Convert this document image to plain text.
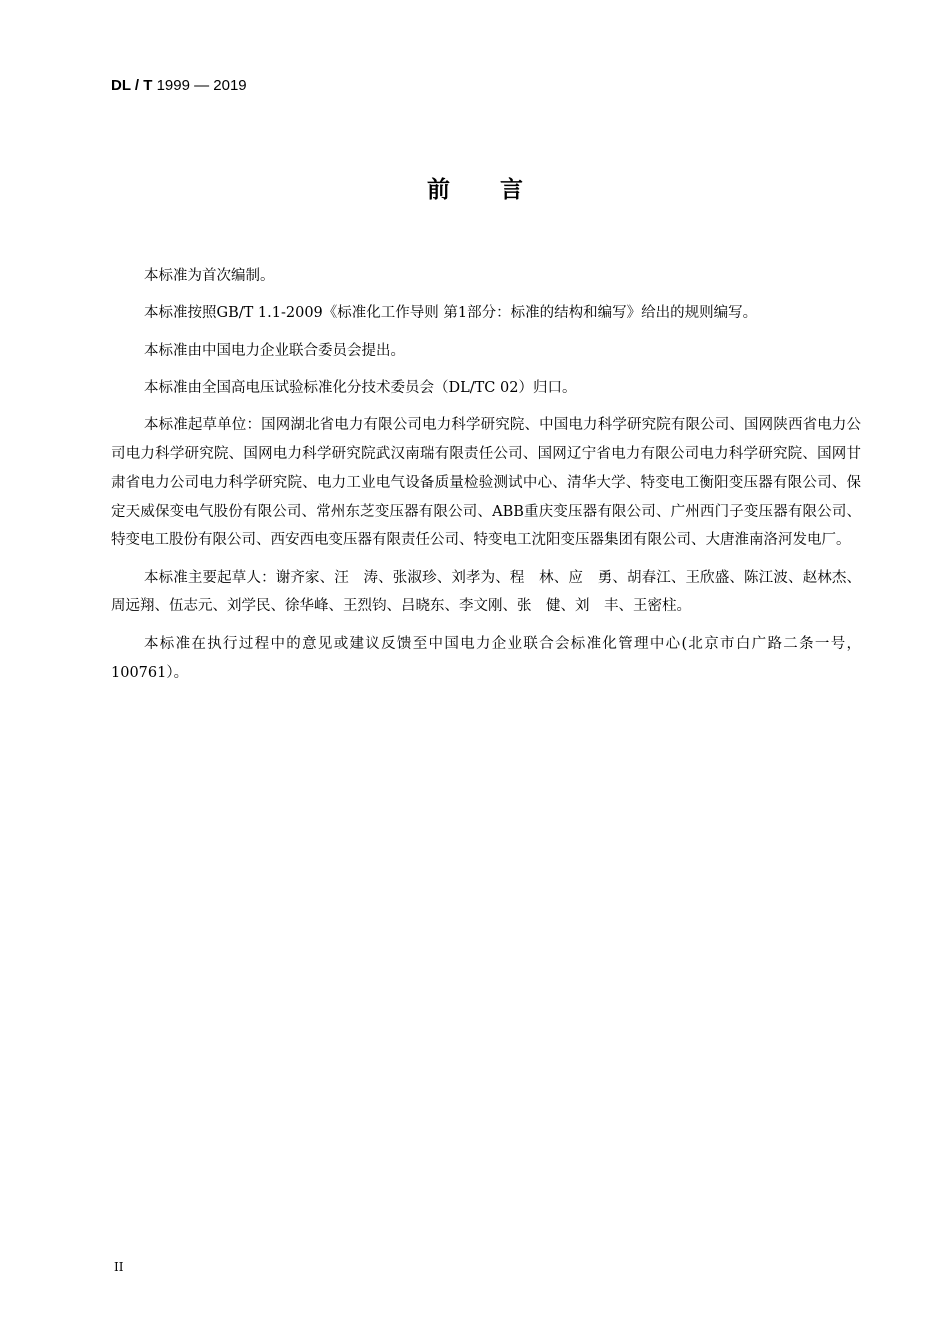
DL / T 1999 — 2019
前言

本标准为首次编制。

本标准按照GB/T 1.1-2009《标准化工作导则 第1部分：标准的结构和编写》给出的规则编写。

本标准由中国电力企业联合委员会提出。

本标准由全国高电压试验标准化分技术委员会（DL/TC 02）归口。

本标准起草单位：国网湖北省电力有限公司电力科学研究院、中国电力科学研究院有限公司、国网陕西省电力公司电力科学研究院、国网电力科学研究院武汉南瑞有限责任公司、国网辽宁省电力有限公司电力科学研究院、国网甘肃省电力公司电力科学研究院、电力工业电气设备质量检验测试中心、清华大学、特变电工衡阳变压器有限公司、保定天威保变电气股份有限公司、常州东芝变压器有限公司、ABB重庆变压器有限公司、广州西门子变压器有限公司、特变电工股份有限公司、西安西电变压器有限责任公司、特变电工沈阳变压器集团有限公司、大唐淮南洛河发电厂。

本标准主要起草人：谢齐家、汪　涛、张淑珍、刘孝为、程　林、应　勇、胡春江、王欣盛、陈江波、赵林杰、周远翔、伍志元、刘学民、徐华峰、王烈钧、吕晓东、李文刚、张　健、刘　丰、王密柱。

本标准在执行过程中的意见或建议反馈至中国电力企业联合会标准化管理中心(北京市白广路二条一号，100761）。

II
